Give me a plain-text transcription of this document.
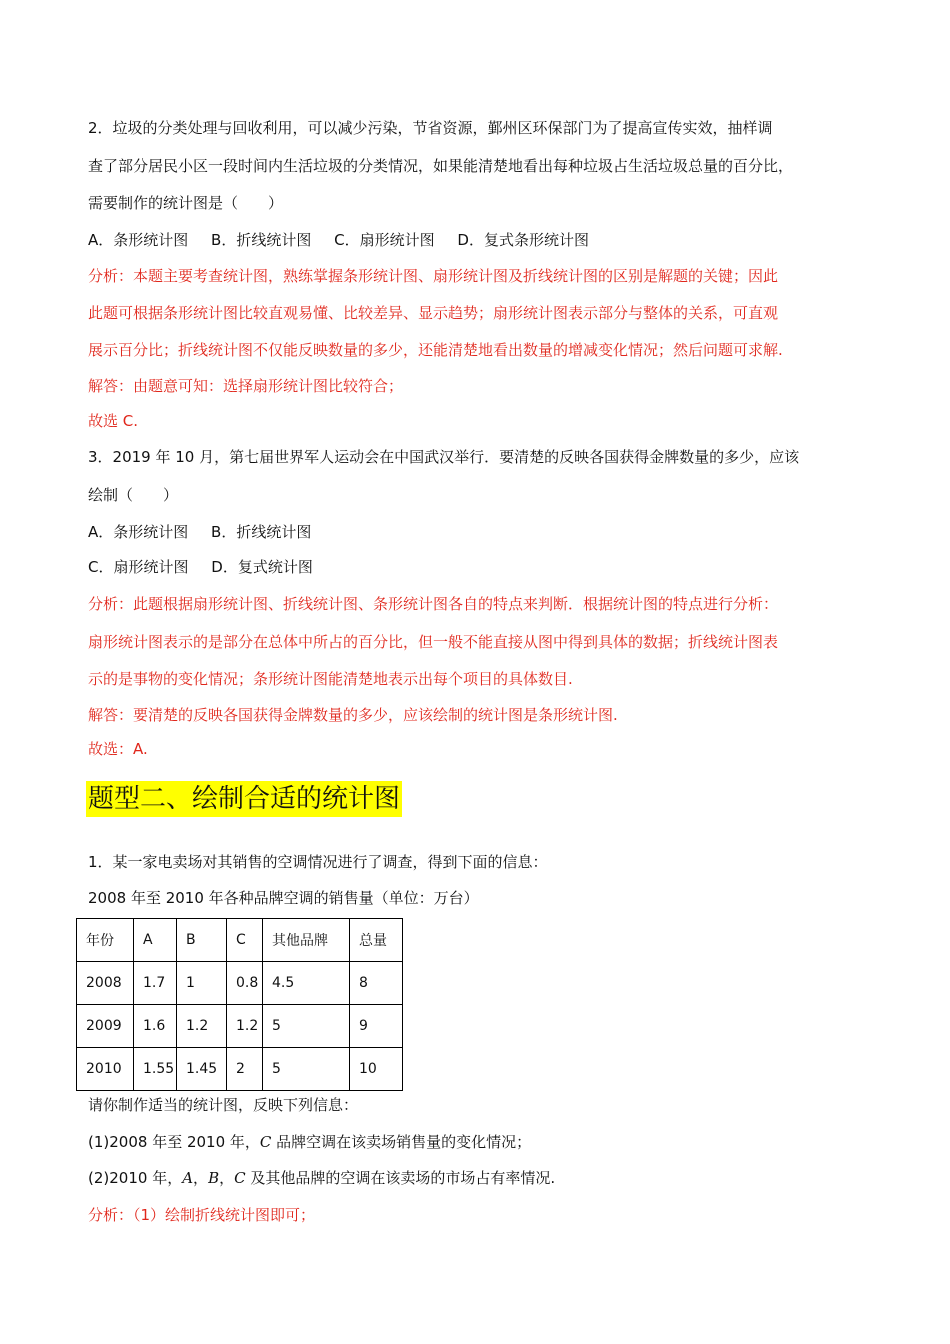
2．垃圾的分类处理与回收利用，可以减少污染，节省资源，鄞州区环保部门为了提高宣传实效，抽样调
查了部分居民小区一段时间内生活垃圾的分类情况，如果能清楚地看出每种垃圾占生活垃圾总量的百分比，
需要制作的统计图是（　　）
A．条形统计图 B．折线统计图 C．扇形统计图 D．复式条形统计图
分析：本题主要考查统计图，熟练掌握条形统计图、扇形统计图及折线统计图的区别是解题的关键；因此
此题可根据条形统计图比较直观易懂、比较差异、显示趋势；扇形统计图表示部分与整体的关系，可直观
展示百分比；折线统计图不仅能反映数量的多少，还能清楚地看出数量的增减变化情况；然后问题可求解.
解答：由题意可知：选择扇形统计图比较符合；
故选 C.
3．2019 年 10 月，第七届世界军人运动会在中国武汉举行．要清楚的反映各国获得金牌数量的多少，应该
绘制（　　）
A．条形统计图 B．折线统计图
C．扇形统计图 D．复式统计图
分析：此题根据扇形统计图、折线统计图、条形统计图各自的特点来判断．根据统计图的特点进行分析：
扇形统计图表示的是部分在总体中所占的百分比，但一般不能直接从图中得到具体的数据；折线统计图表
示的是事物的变化情况；条形统计图能清楚地表示出每个项目的具体数目.
解答：要清楚的反映各国获得金牌数量的多少，应该绘制的统计图是条形统计图.
故选：A.
题型二、绘制合适的统计图
1．某一家电卖场对其销售的空调情况进行了调查，得到下面的信息：
2008 年至 2010 年各种品牌空调的销售量（单位：万台）
年份	A	B	C	其他品牌	总量
2008	1.7	1	0.8	4.5	8
2009	1.6	1.2	1.2	5	9
2010	1.55	1.45	2	5	10
请你制作适当的统计图，反映下列信息：
(1)2008 年至 2010 年，C 品牌空调在该卖场销售量的变化情况；
(2)2010 年，A，B，C 及其他品牌的空调在该卖场的市场占有率情况.
分析：（1）绘制折线统计图即可；
